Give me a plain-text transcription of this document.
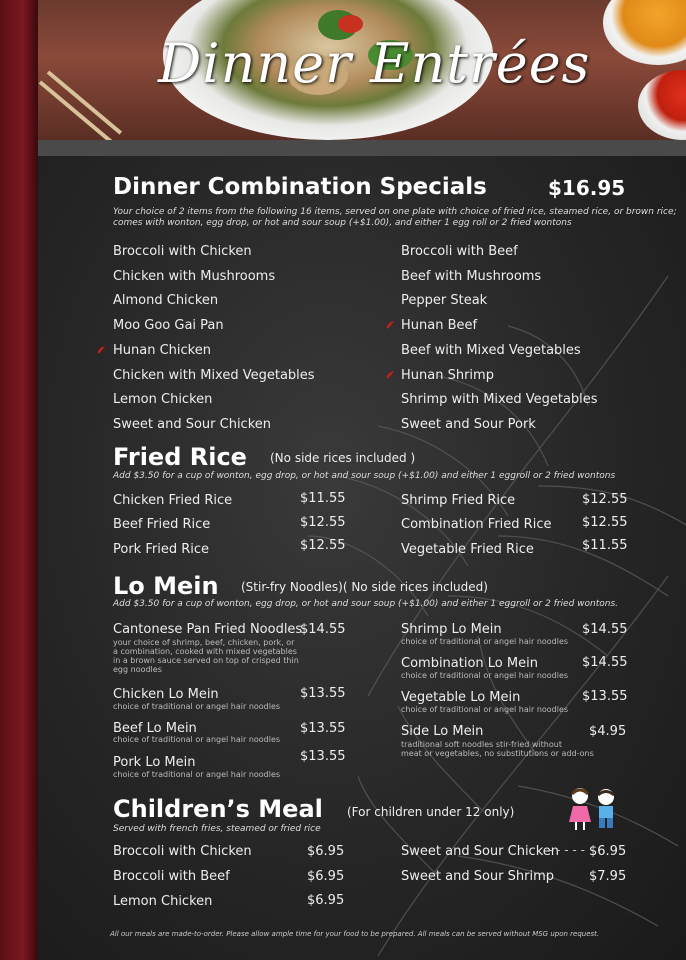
Dinner Entrées
Dinner Combination Specials	$16.95
Your choice of 2 items from the following 16 items, served on one plate with choice of fried rice, steamed rice, or brown rice;
comes with wonton, egg drop, or hot and sour soup (+$1.00), and either 1 egg roll or 2 fried wontons
Broccoli with Chicken
Chicken with Mushrooms
Almond Chicken
Moo Goo Gai Pan
Hunan Chicken
Chicken with Mixed Vegetables
Lemon Chicken
Sweet and Sour Chicken
Broccoli with Beef
Beef with Mushrooms
Pepper Steak
Hunan Beef
Beef with Mixed Vegetables
Hunan Shrimp
Shrimp with Mixed Vegetables
Sweet and Sour Pork
Fried Rice (No side rices included )
Add $3.50 for a cup of wonton, egg drop, or hot and sour soup (+$1.00) and either 1 eggroll or 2 fried wontons
Chicken Fried Rice	$11.55
Beef Fried Rice	$12.55
Pork Fried Rice	$12.55
Shrimp Fried Rice	$12.55
Combination Fried Rice $12.55
Vegetable Fried Rice	$11.55
Lo Mein (Stir-fry Noodles)( No side rices included)
Add $3.50 for a cup of wonton, egg drop, or hot and sour soup (+$1.00) and either 1 eggroll or 2 fried wontons.
Cantonese Pan Fried Noodles
$14.55
your choice of shrimp, beef, chicken, pork, or
a combination, cooked with mixed vegetables
in a brown sauce served on top of crisped thin
egg noodles
Chicken Lo Mein	$13.55
choice of traditional or angel hair noodles
Beef Lo Mein	$13.55
choice of traditional or angel hair noodles
Pork Lo Mein	$13.55
choice of traditional or angel hair noodles
Shrimp Lo Mein	$14.55
choice of traditional or angel hair noodles
Combination Lo Mein	$14.55
choice of traditional or angel hair noodles
Vegetable Lo Mein	$13.55
choice of traditional or angel hair noodles
Side Lo Mein	$4.95
traditional soft noodles stir-fried without
meat or vegetables, no substitutions or add-ons
Children’s Meal (For children under 12 only)
Served with french fries, steamed or fried rice
Broccoli with Chicken	$6.95
Broccoli with Beef	$6.95
Lemon Chicken	$6.95
Sweet and Sour Chicken
- - - - - $6.95
Sweet and Sour Shrimp	$7.95
All our meals are made-to-order. Please allow ample time for your food to be prepared. All meals can be served without MSG upon request.
